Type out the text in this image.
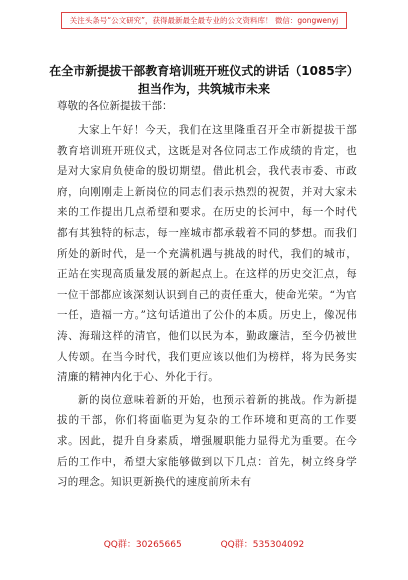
关注头条号“公文研究”，获得最新最全最专业的公文资料库！ 微信：gongwenyj
在全市新提拔干部教育培训班开班仪式的讲话（1085字）
担当作为，共筑城市未来
尊敬的各位新提拔干部：

大家上午好！今天，我们在这里隆重召开全市新提拔干部教育培训班开班仪式，这既是对各位同志工作成绩的肯定，也是对大家肩负使命的殷切期望。借此机会，我代表市委、市政府，向刚刚走上新岗位的同志们表示热烈的祝贺，并对大家未来的工作提出几点希望和要求。在历史的长河中，每一个时代都有其独特的标志，每一座城市都承载着不同的梦想。而我们所处的新时代，是一个充满机遇与挑战的时代，我们的城市，正站在实现高质量发展的新起点上。在这样的历史交汇点，每一位干部都应该深刻认识到自己的责任重大，使命光荣。“为官一任，造福一方。”这句话道出了公仆的本质。历史上，像况伟涛、海瑞这样的清官，他们以民为本，勤政廉洁，至今仍被世人传颂。在当今时代，我们更应该以他们为榜样，将为民务实清廉的精神内化于心、外化于行。

新的岗位意味着新的开始，也预示着新的挑战。作为新提拔的干部，你们将面临更为复杂的工作环境和更高的工作要求。因此，提升自身素质，增强履职能力显得尤为重要。在今后的工作中，希望大家能够做到以下几点：首先，树立终身学习的理念。知识更新换代的速度前所未有

QQ群：30265665	QQ群：535304092
